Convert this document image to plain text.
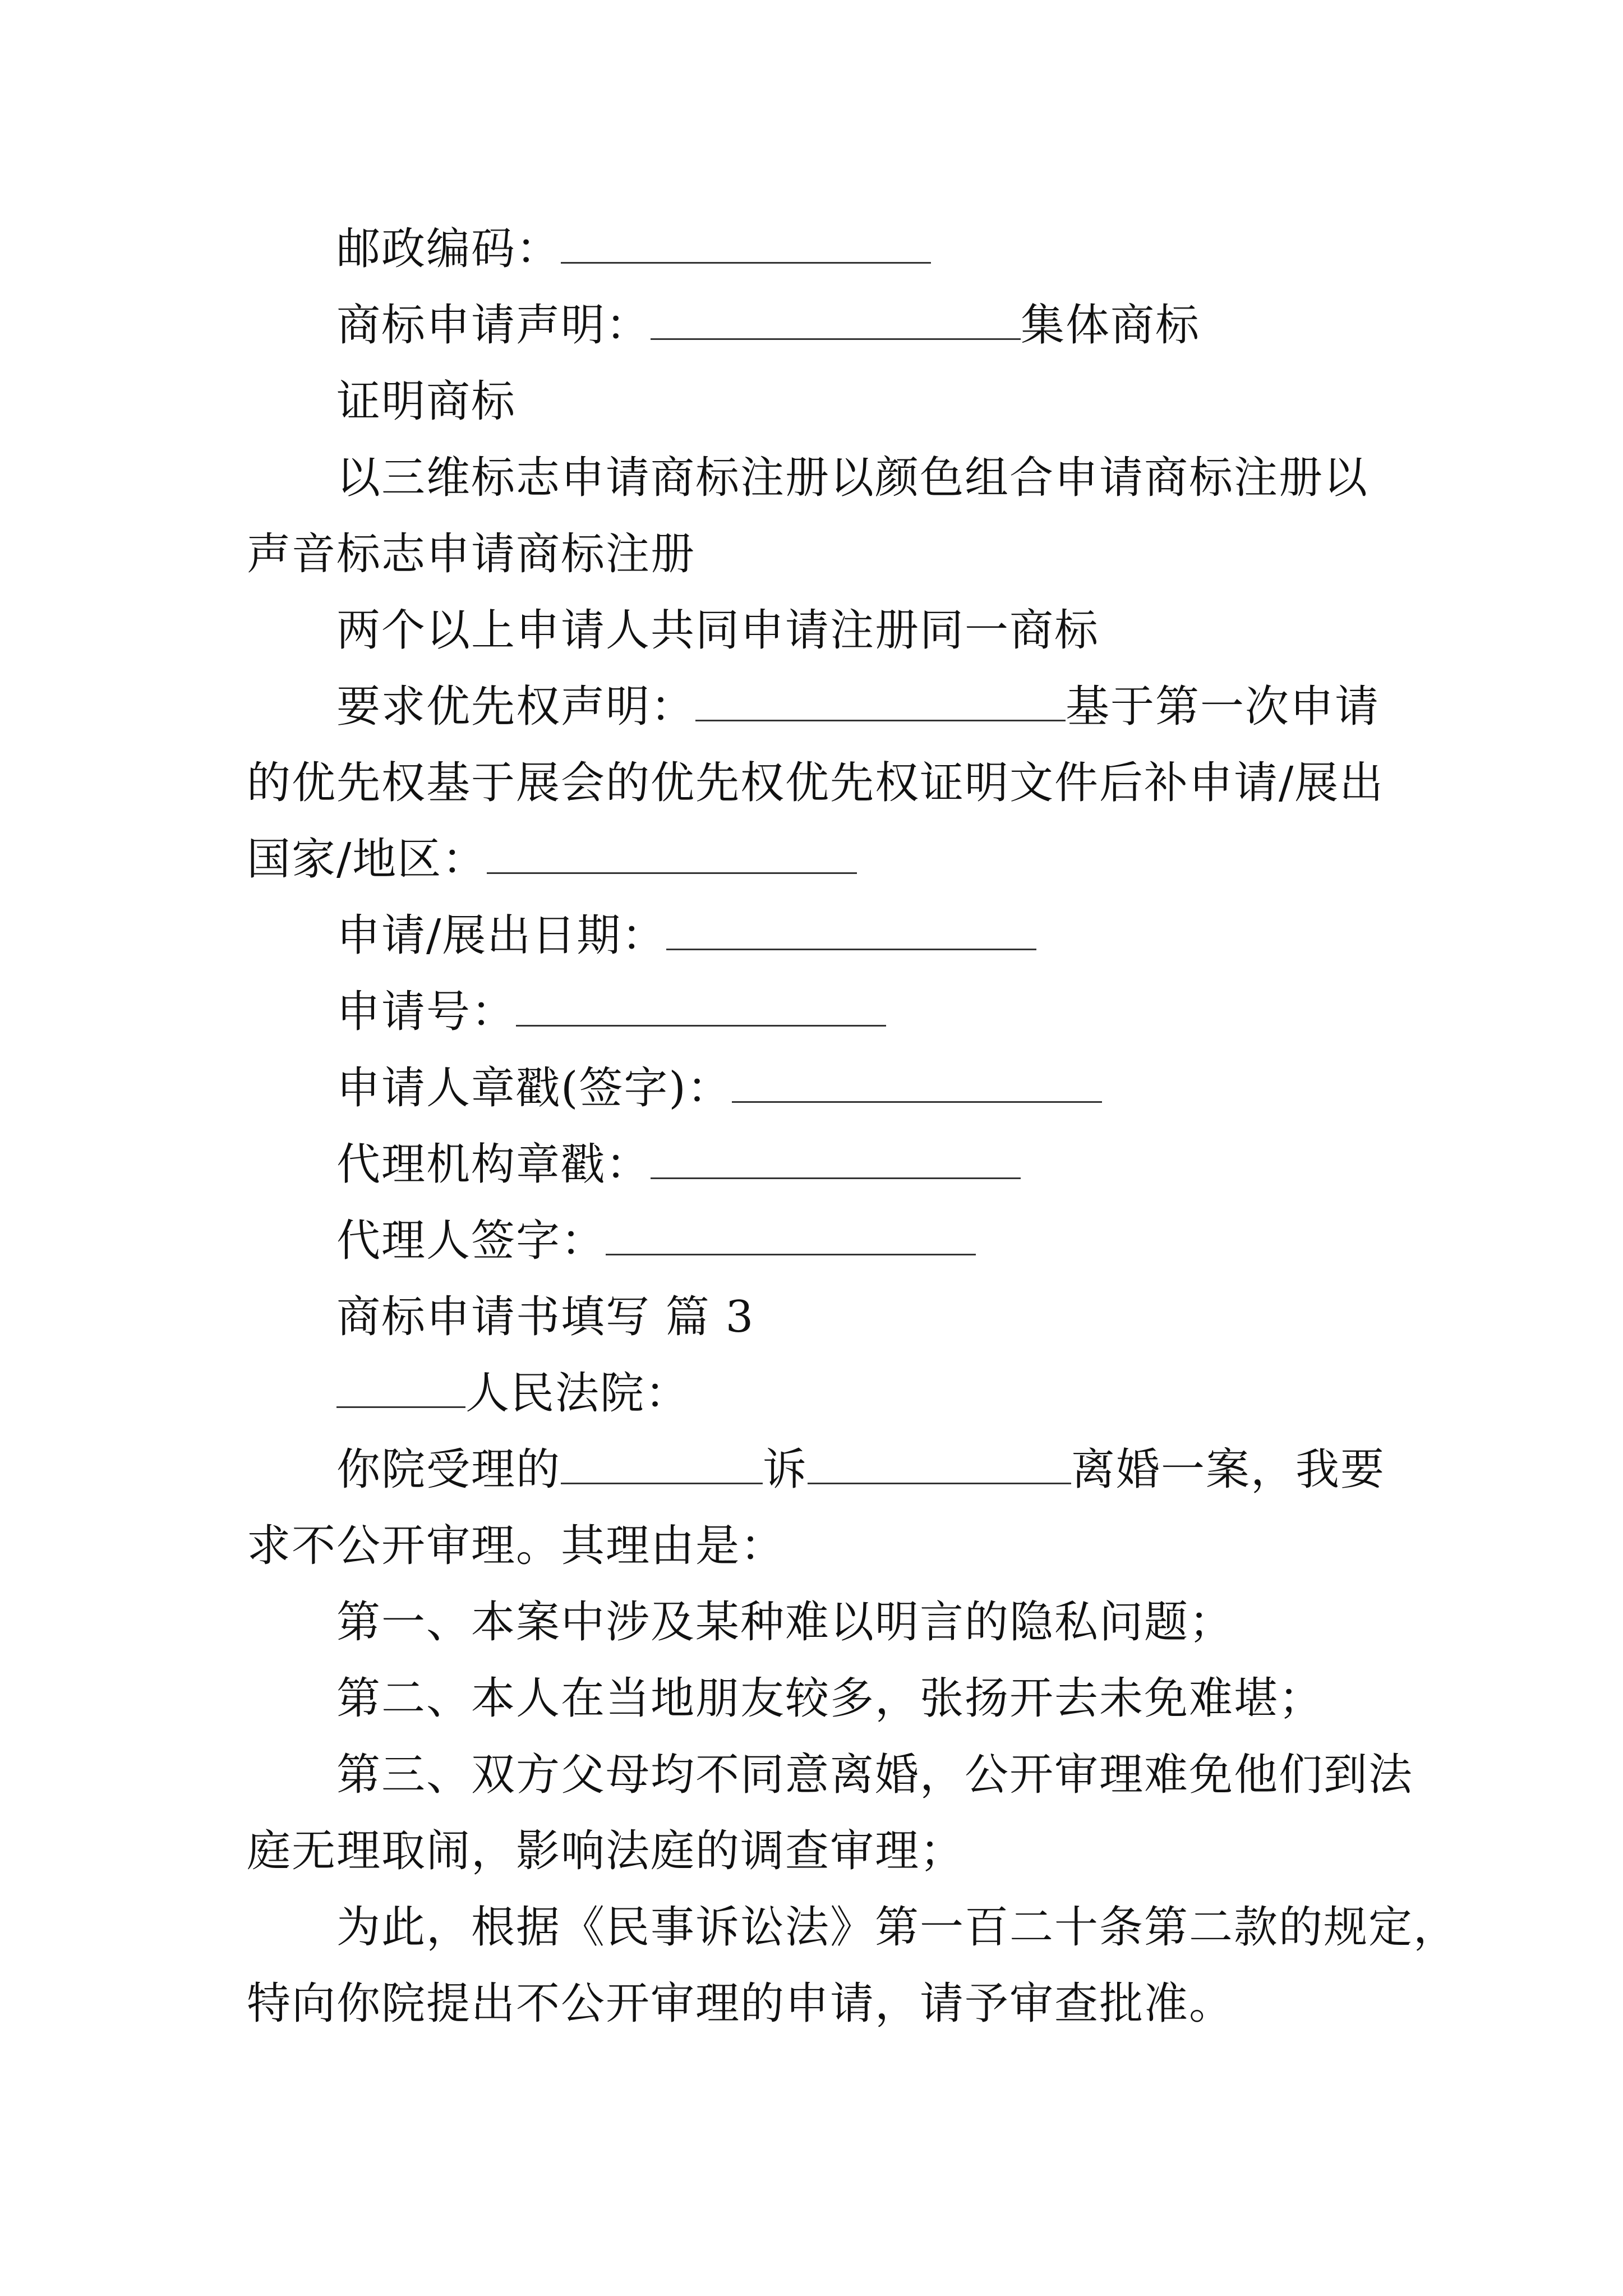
邮政编码：
商标申请声明：	集体商标
证明商标
以三维标志申请商标注册以颜色组合申请商标注册以
声音标志申请商标注册
两个以上申请人共同申请注册同一商标
要求优先权声明：	基于第一次申请
的优先权基于展会的优先权优先权证明文件后补申请/展出
国家/地区：
申请/展出日期：
申请号：
申请人章戳(签字)：
代理机构章戳：
代理人签字：
商标申请书填写 篇 3
人民法院：
你院受理的	诉	离婚一案，我要
求不公开审理。其理由是：
第一、本案中涉及某种难以明言的隐私问题；
第二、本人在当地朋友较多，张扬开去未免难堪；
第三、双方父母均不同意离婚，公开审理难免他们到法
庭无理取闹，影响法庭的调查审理；
为此，根据《民事诉讼法》第一百二十条第二款的规定，
特向你院提出不公开审理的申请，请予审查批准。
